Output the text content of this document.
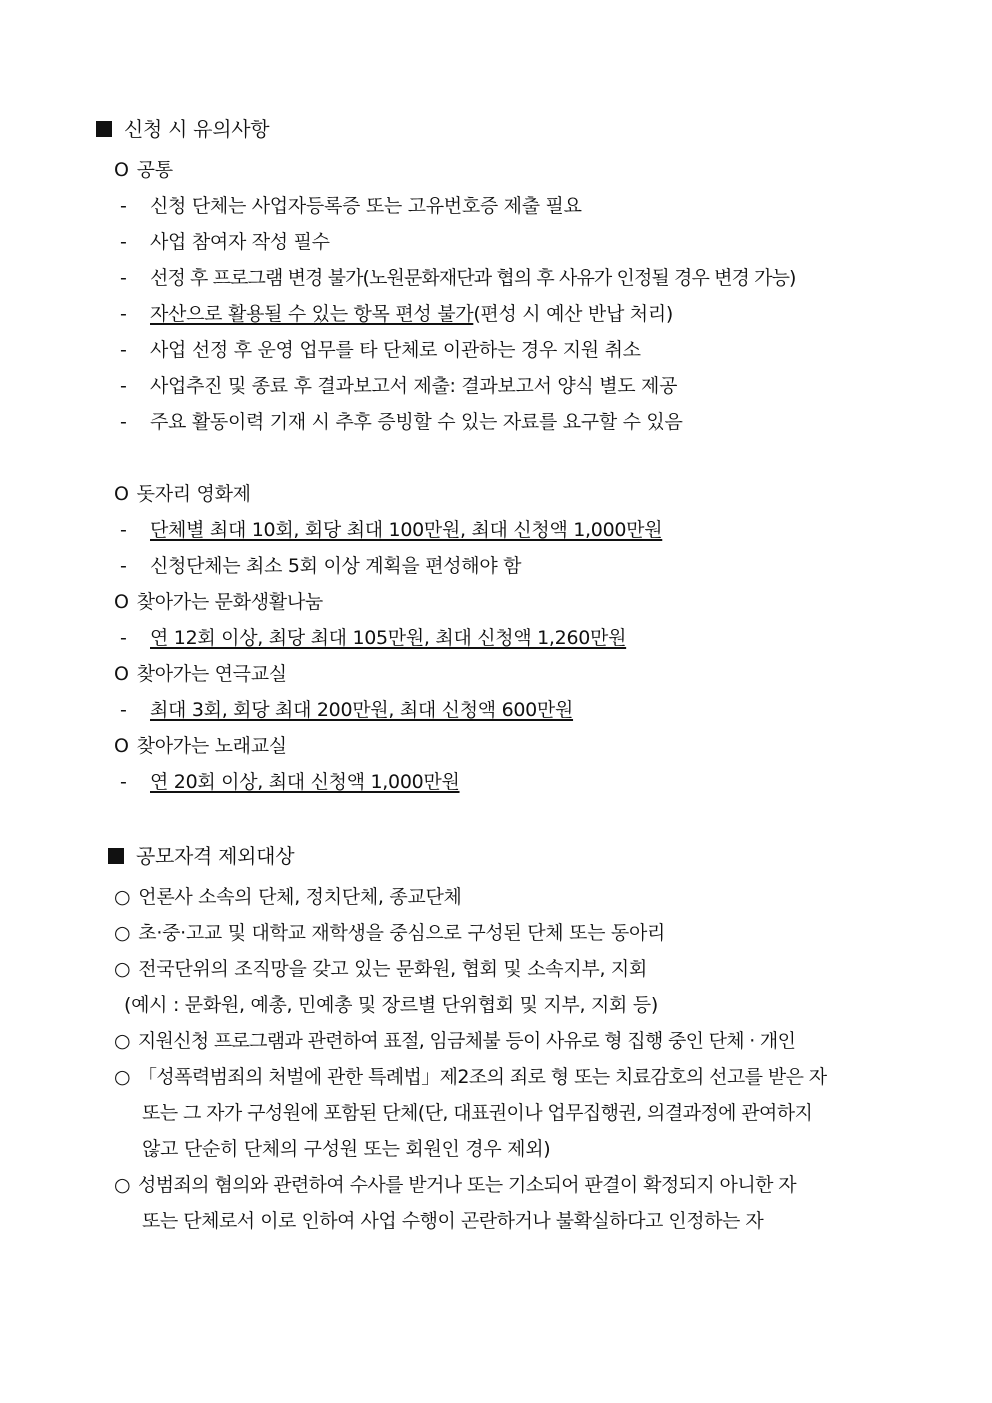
신청 시 유의사항
O 공통
- 신청 단체는 사업자등록증 또는 고유번호증 제출 필요
- 사업 참여자 작성 필수
- 선정 후 프로그램 변경 불가(노원문화재단과 협의 후 사유가 인정될 경우 변경 가능)
- 자산으로 활용될 수 있는 항목 편성 불가(편성 시 예산 반납 처리)
- 사업 선정 후 운영 업무를 타 단체로 이관하는 경우 지원 취소
- 사업추진 및 종료 후 결과보고서 제출: 결과보고서 양식 별도 제공
- 주요 활동이력 기재 시 추후 증빙할 수 있는 자료를 요구할 수 있음
O 돗자리 영화제
- 단체별 최대 10회, 회당 최대 100만원, 최대 신청액 1,000만원
- 신청단체는 최소 5회 이상 계획을 편성해야 함
O 찾아가는 문화생활나눔
- 연 12회 이상, 최당 최대 105만원, 최대 신청액 1,260만원
O 찾아가는 연극교실
- 최대 3회, 회당 최대 200만원, 최대 신청액 600만원
O 찾아가는 노래교실
- 연 20회 이상, 최대 신청액 1,000만원
공모자격 제외대상
○ 언론사 소속의 단체, 정치단체, 종교단체
○ 초·중·고교 및 대학교 재학생을 중심으로 구성된 단체 또는 동아리
○ 전국단위의 조직망을 갖고 있는 문화원, 협회 및 소속지부, 지회
(예시 : 문화원, 예총, 민예총 및 장르별 단위협회 및 지부, 지회 등)
○ 지원신청 프로그램과 관련하여 표절, 임금체불 등이 사유로 형 집행 중인 단체 · 개인
○ 「성폭력범죄의 처벌에 관한 특례법」제2조의 죄로 형 또는 치료감호의 선고를 받은 자
또는 그 자가 구성원에 포함된 단체(단, 대표권이나 업무집행권, 의결과정에 관여하지
않고 단순히 단체의 구성원 또는 회원인 경우 제외)
○ 성범죄의 혐의와 관련하여 수사를 받거나 또는 기소되어 판결이 확정되지 아니한 자
또는 단체로서 이로 인하여 사업 수행이 곤란하거나 불확실하다고 인정하는 자
